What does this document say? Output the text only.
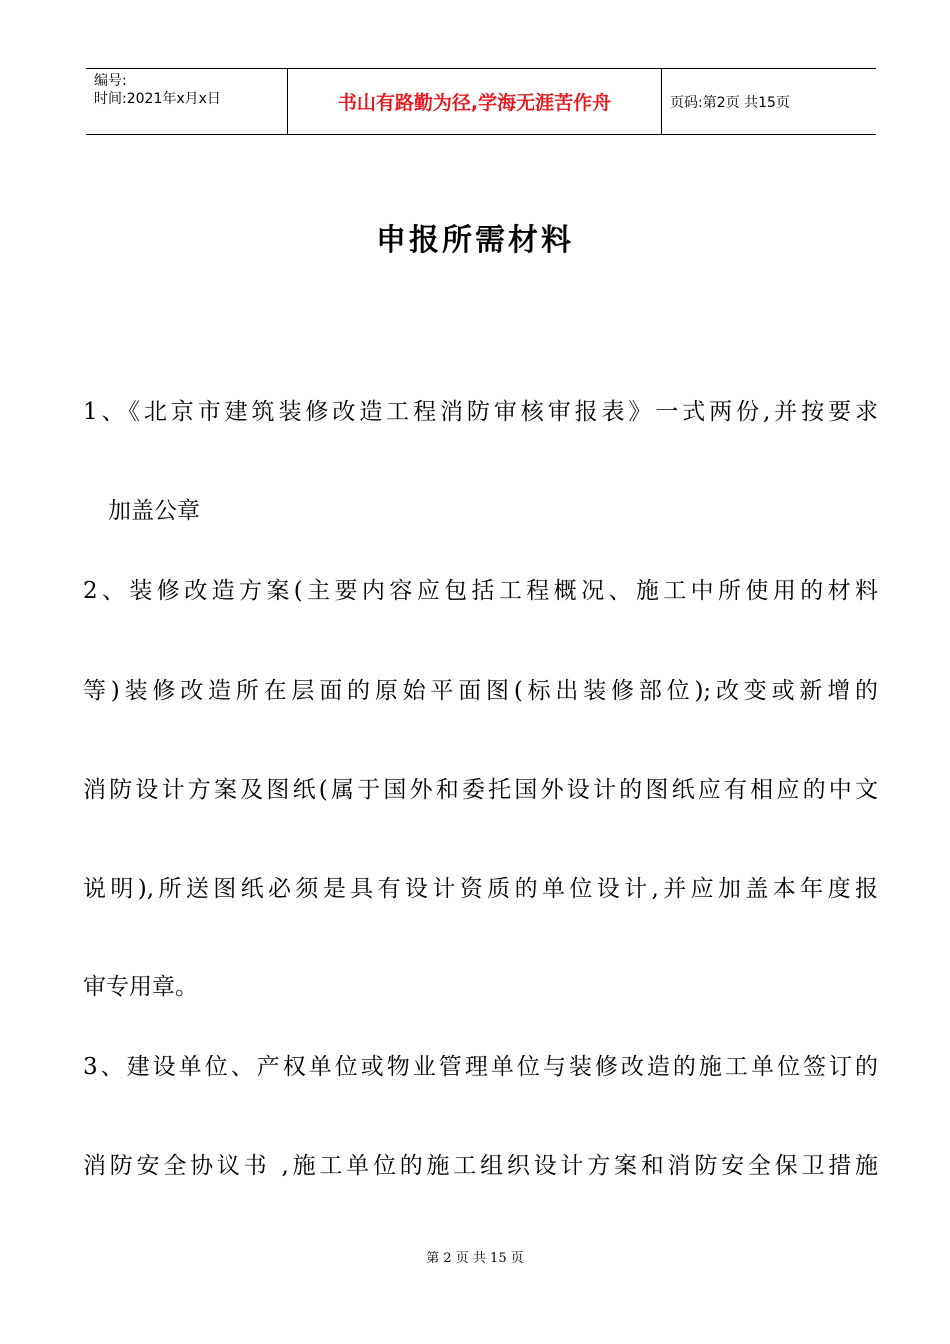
编号:
时间:2021年x月x日	书山有路勤为径,学海无涯苦作舟	页码:第2页 共15页
申报所需材料
1、《北京市建筑装修改造工程消防审核审报表》一式两份,并按要求
加盖公章
2、装修改造方案(主要内容应包括工程概况、施工中所使用的材料
等)装修改造所在层面的原始平面图(标出装修部位);改变或新增的
消防设计方案及图纸(属于国外和委托国外设计的图纸应有相应的中文
说明),所送图纸必须是具有设计资质的单位设计,并应加盖本年度报
审专用章。
3、建设单位、产权单位或物业管理单位与装修改造的施工单位签订的
消防安全协议书 ,施工单位的施工组织设计方案和消防安全保卫措施
第 2 页 共 15 页
